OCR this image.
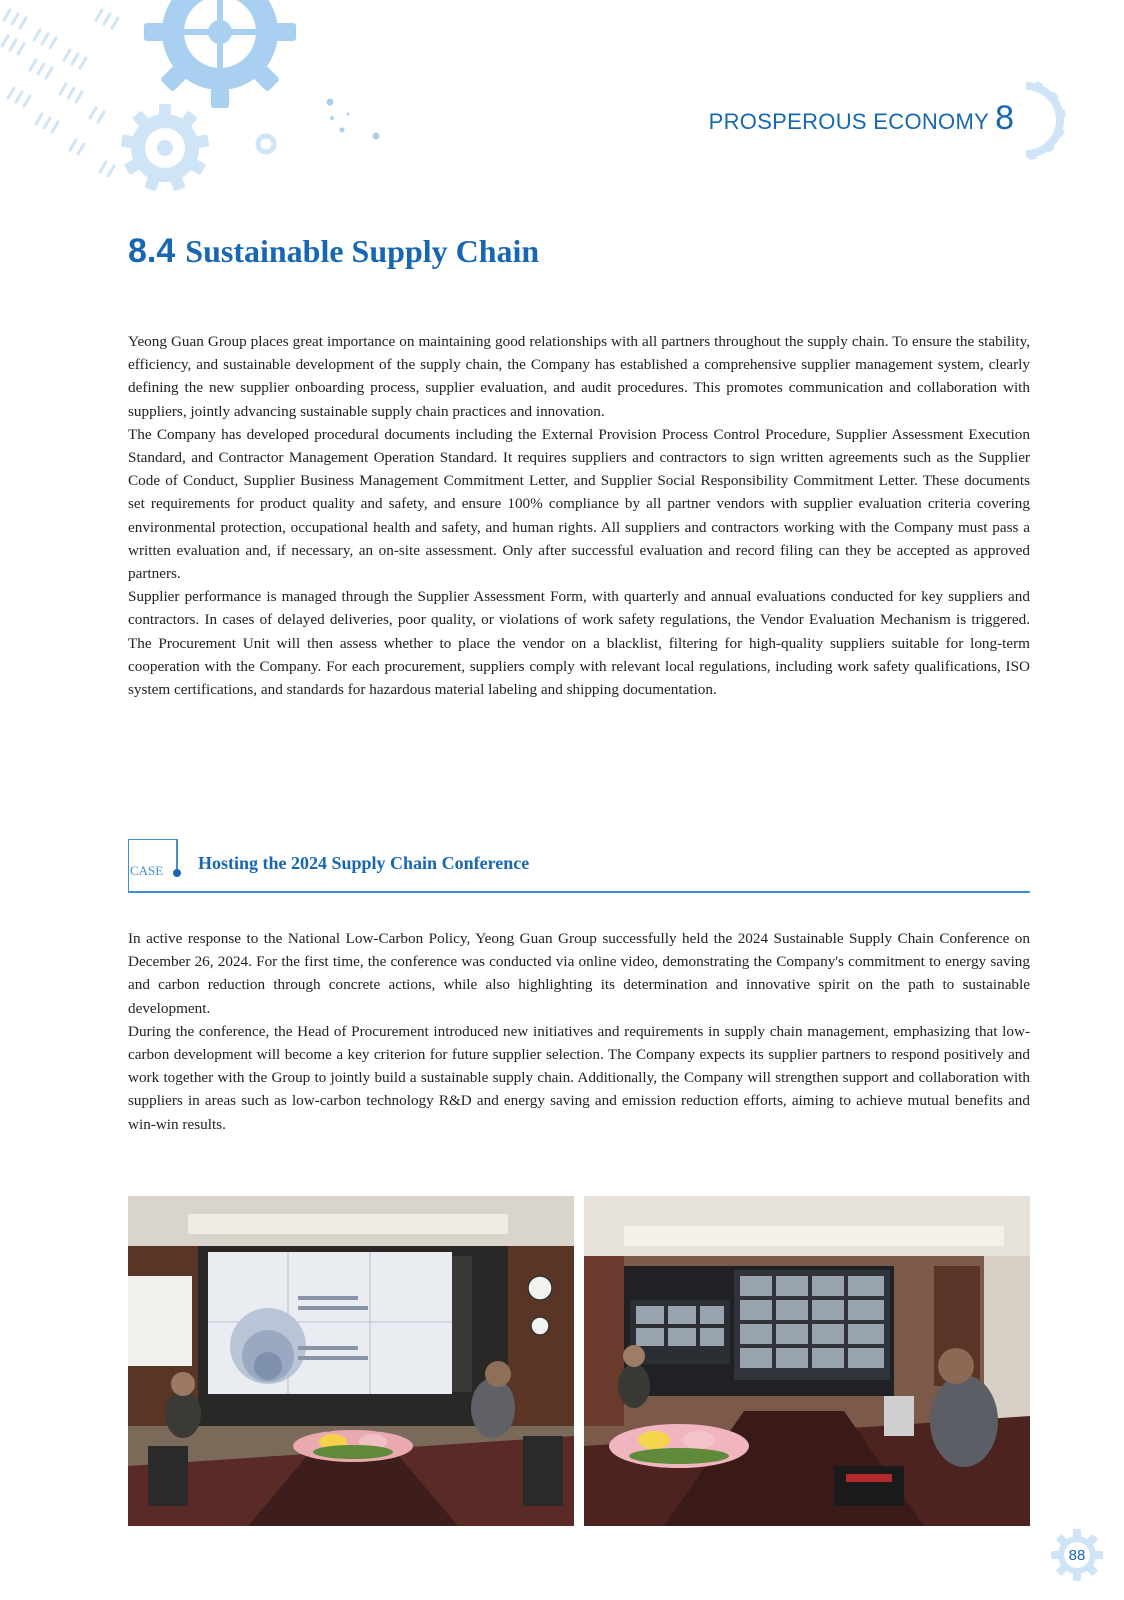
PROSPEROUS ECONOMY 8
8.4 Sustainable Supply Chain

Yeong Guan Group places great importance on maintaining good relationships with all partners throughout the supply chain. To ensure the stability, efficiency, and sustainable development of the supply chain, the Company has established a comprehensive supplier management system, clearly defining the new supplier onboarding process, supplier evaluation, and audit procedures. This promotes communication and collaboration with suppliers, jointly advancing sustainable supply chain practices and innovation.

The Company has developed procedural documents including the External Provision Process Control Procedure, Supplier Assessment Execution Standard, and Contractor Management Operation Standard. It requires suppliers and contractors to sign written agreements such as the Supplier Code of Conduct, Supplier Business Management Commitment Letter, and Supplier Social Responsibility Commitment Letter. These documents set requirements for product quality and safety, and ensure 100% compliance by all partner vendors with supplier evaluation criteria covering environmental protection, occupational health and safety, and human rights. All suppliers and contractors working with the Company must pass a written evaluation and, if necessary, an on-site assessment. Only after successful evaluation and record filing can they be accepted as approved partners.

Supplier performance is managed through the Supplier Assessment Form, with quarterly and annual evaluations conducted for key suppliers and contractors. In cases of delayed deliveries, poor quality, or violations of work safety regulations, the Vendor Evaluation Mechanism is triggered. The Procurement Unit will then assess whether to place the vendor on a blacklist, filtering for high-quality suppliers suitable for long-term cooperation with the Company. For each procurement, suppliers comply with relevant local regulations, including work safety qualifications, ISO system certifications, and standards for hazardous material labeling and shipping documentation.

CASE Hosting the 2024 Supply Chain Conference

In active response to the National Low-Carbon Policy, Yeong Guan Group successfully held the 2024 Sustainable Supply Chain Conference on December 26, 2024. For the first time, the conference was conducted via online video, demonstrating the Company's commitment to energy saving and carbon reduction through concrete actions, while also highlighting its determination and innovative spirit on the path to sustainable development.

During the conference, the Head of Procurement introduced new initiatives and requirements in supply chain management, emphasizing that low-carbon development will become a key criterion for future supplier selection. The Company expects its supplier partners to respond positively and work together with the Group to jointly build a sustainable supply chain. Additionally, the Company will strengthen support and collaboration with suppliers in areas such as low-carbon technology R&D and energy saving and emission reduction efforts, aiming to achieve mutual benefits and win-win results.

88
